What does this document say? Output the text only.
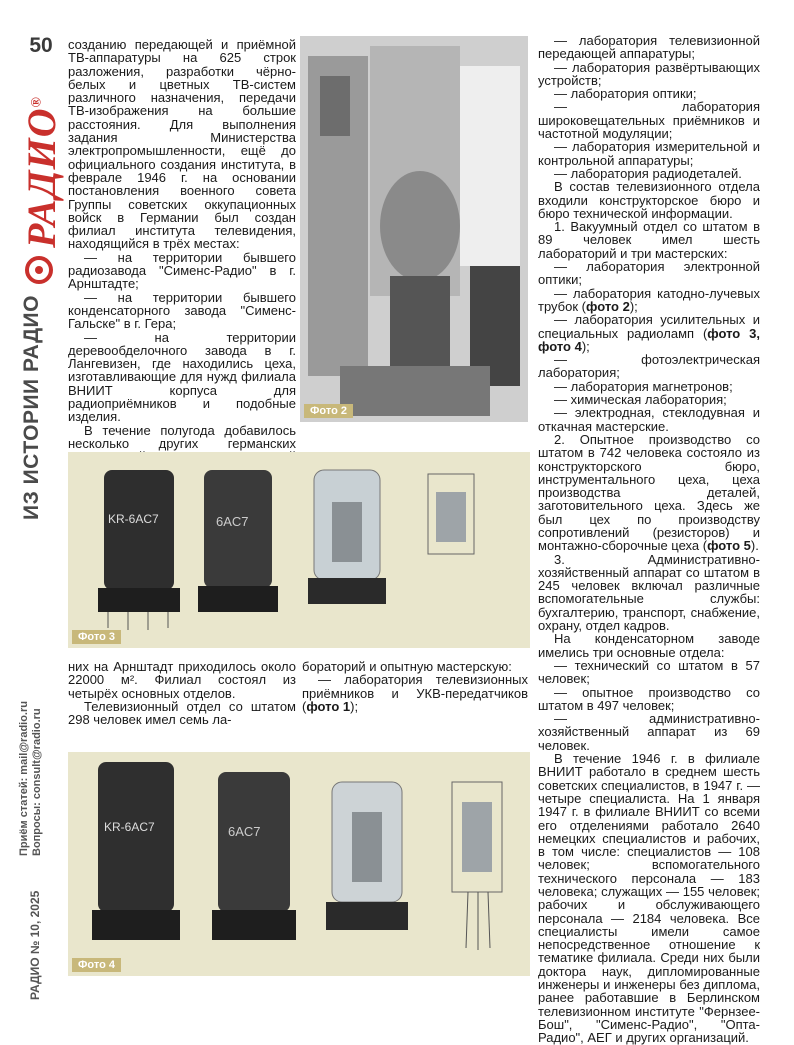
50
РАДИО®
ИЗ ИСТОРИИ РАДИО
Приём статей: mail@radio.ru Вопросы: consult@radio.ru
РАДИО № 10, 2025

созданию передающей и приёмной ТВ-аппаратуры на 625 строк разложения, разработки чёрно-белых и цветных ТВ-систем различного назначения, передачи ТВ-изображения на большие расстояния. Для выполнения задания Министерства электропромышленности, ещё до официального создания института, в феврале 1946 г. на основании постановления военного совета Группы советских оккупационных войск в Германии был создан филиал института телевидения, находящийся в трёх местах:

— на территории бывшего радиозавода "Сименс-Радио" в г. Арнштадте;

— на территории бывшего конденсаторного завода "Сименс-Гальске" в г. Гера;

— на территории деревообделочного завода в г. Лангевизен, где находились цеха, изготавливающие для нужд филиала ВНИИТ корпуса для радиоприёмников и подобные изделия.

В течение полугода добавилось несколько других германских

Фото 2

— лаборатория телевизионной передающей аппаратуры;

— лаборатория развёртывающих устройств;

— лаборатория оптики;

— лаборатория широковещательных приёмников и частотной модуляции;

— лаборатория измерительной и контрольной аппаратуры;

— лаборатория радиодеталей.

В состав телевизионного отдела входили конструкторское бюро и бюро технической информации.

1. Вакуумный отдел со штатом в 89 человек имел шесть лабораторий и три мастерских:

— лаборатория электронной оптики;

— лаборатория катодно-лучевых трубок (фото 2);

— лаборатория усилительных и специальных радиоламп (фото 3, фото 4);

— фотоэлектрическая лаборатория;

— лаборатория магнетронов;

— химическая лаборатория;

— электродная, стеклодувная и откачная мастерские.

2. Опытное производство со штатом в 742 человека состояло из конструкторского бюро, инструментального цеха, цеха производства деталей, заготовительного цеха. Здесь же был цех по производству сопротивлений (резисторов) и монтажно-сборочные цеха (фото 5).

3. Административно-хозяйственный аппарат со штатом в 245 человек включал различные вспомогательные службы: бухгалтерию, транспорт, снабжение, охрану, отдел кадров.

На конденсаторном заводе имелись три основные отдела:

— технический со штатом в 57 человек;

— опытное производство со штатом в 497 человек;

— административно-хозяйственный аппарат из 69 человек.

В течение 1946 г. в филиале ВНИИТ работало в среднем шесть советских специалистов, в 1947 г. — четыре специалиста. На 1 января 1947 г. в филиале ВНИИТ со всеми его отделениями работало 2640 немецких специалистов и рабочих, в том числе: специалистов — 108 человек; вспомогательного технического персонала — 183 человека; служащих — 155 человек; рабочих и обслуживающего персонала — 2184 человека. Все специалисты имели самое непосредственное отношение к тематике филиала. Среди них были доктора наук, дипломированные инженеры и инженеры без диплома, ранее работавшие в Берлинском телевизионном институте "Фернзее-Бош", "Сименс-Радио", "Опта-Радио", АЕГ и других организаций.

KR-6AC7	6AC7
Фото 3

них на Арнштадт приходилось около 22000 м². Филиал состоял из четырёх основных отделов.

Телевизионный отдел со штатом 298 человек имел семь ла-

бораторий и опытную мастерскую:

— лаборатория телевизионных приёмников и УКВ-передатчиков (фото 1);

KR-6AC7	6AC7
Фото 4
